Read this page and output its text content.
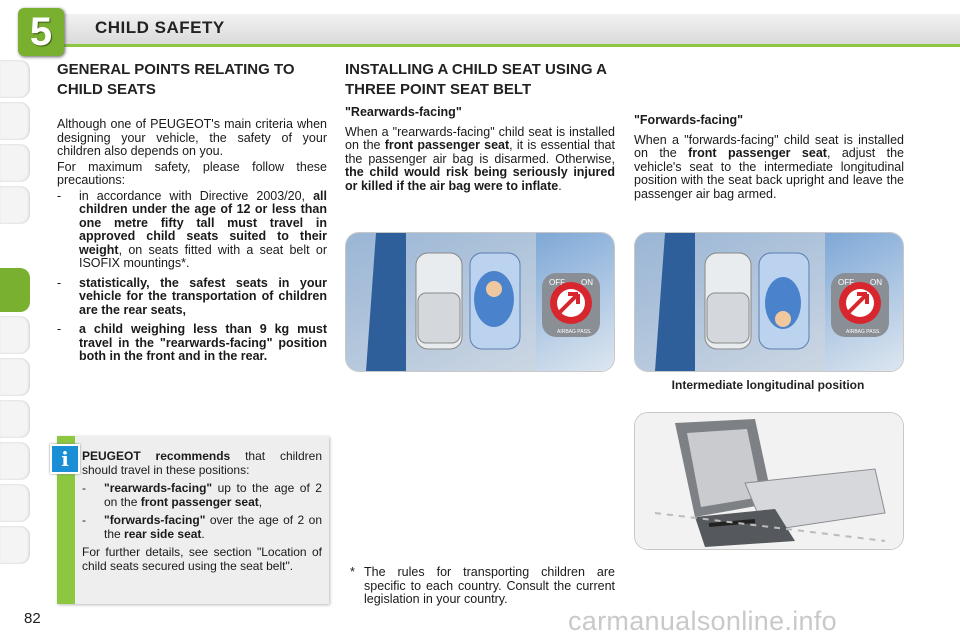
5	CHILD SAFETY
GENERAL POINTS RELATING TO CHILD SEATS

Although one of PEUGEOT's main criteria when designing your vehicle, the safety of your children also depends on you.

For maximum safety, please follow these precautions:

- in accordance with Directive 2003/20, all children under the age of 12 or less than one metre fifty tall must travel in approved child seats suited to their weight, on seats fitted with a seat belt or ISOFIX mountings*.
- statistically, the safest seats in your vehicle for the transportation of children are the rear seats,
- a child weighing less than 9 kg must travel in the "rearwards-facing" position both in the front and in the rear.
i	PEUGEOT recommends that children should travel in these positions:

- "rearwards-facing" up to the age of 2 on the front passenger seat,
- "forwards-facing" over the age of 2 on the rear side seat.

For further details, see section "Location of child seats secured using the seat belt".

INSTALLING A CHILD SEAT USING A THREE POINT SEAT BELT

"Rearwards-facing"

When a "rearwards-facing" child seat is installed on the front passenger seat, it is essential that the passenger air bag is disarmed. Otherwise, the child would risk being seriously injured or killed if the air bag were to inflate.

"Forwards-facing"

When a "forwards-facing" child seat is installed on the front passenger seat, adjust the vehicle's seat to the intermediate longitudinal position with the seat back upright and leave the passenger air bag armed.

OFF ON
AIRBAG PASS.
OFF ON
AIRBAG PASS.
Intermediate longitudinal position
* The rules for transporting children are specific to each country. Consult the current legislation in your country.
82	carmanualsonline.info
